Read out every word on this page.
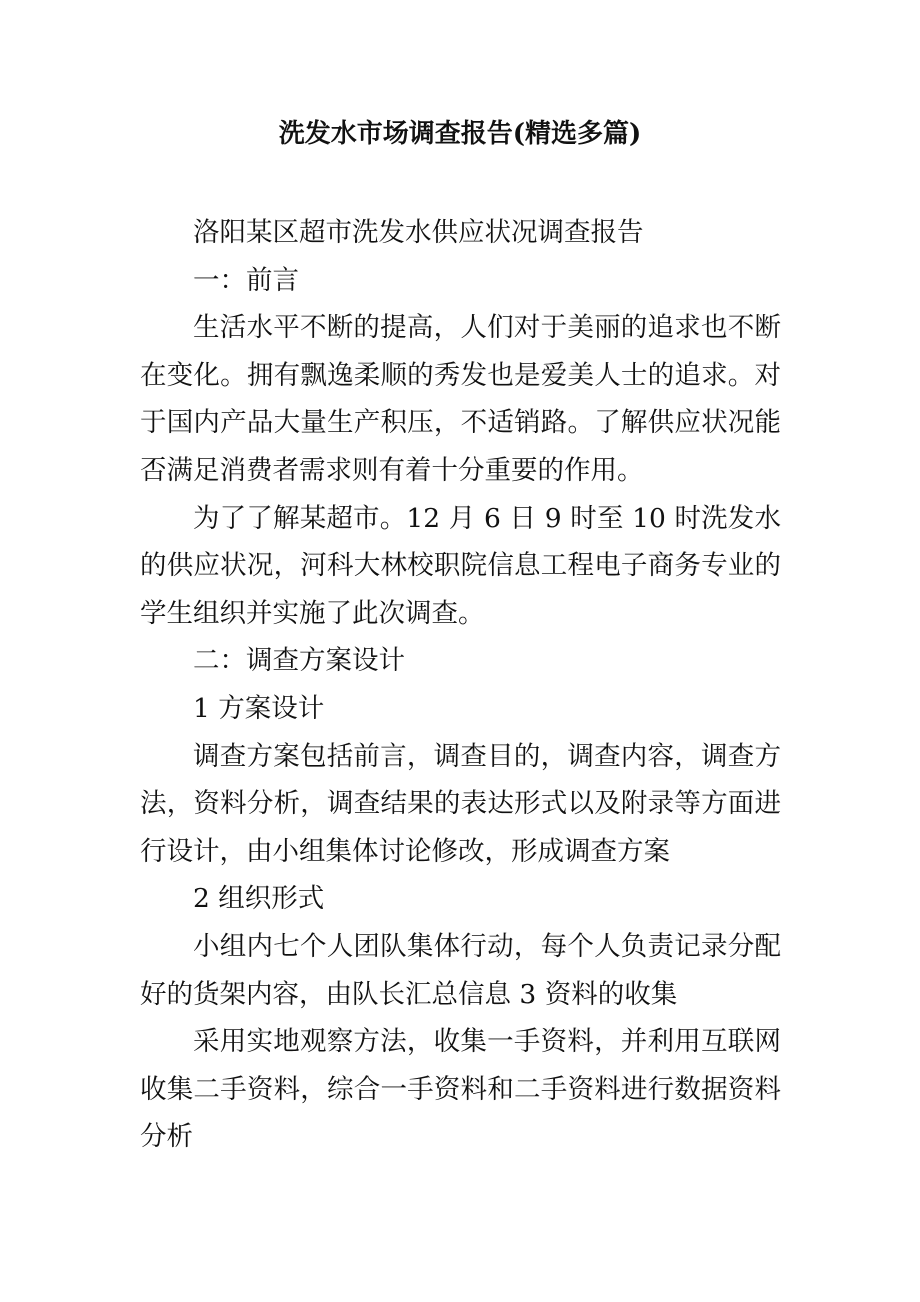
洗发水市场调查报告(精选多篇)

洛阳某区超市洗发水供应状况调查报告

一：前言

生活水平不断的提高，人们对于美丽的追求也不断在变化。拥有飘逸柔顺的秀发也是爱美人士的追求。对于国内产品大量生产积压，不适销路。了解供应状况能否满足消费者需求则有着十分重要的作用。

为了了解某超市。12 月 6 日 9 时至 10 时洗发水的供应状况，河科大林校职院信息工程电子商务专业的学生组织并实施了此次调查。

二：调查方案设计

1 方案设计

调查方案包括前言，调查目的，调查内容，调查方法，资料分析，调查结果的表达形式以及附录等方面进行设计，由小组集体讨论修改，形成调查方案

2 组织形式

小组内七个人团队集体行动，每个人负责记录分配好的货架内容，由队长汇总信息 3 资料的收集

采用实地观察方法，收集一手资料，并利用互联网收集二手资料，综合一手资料和二手资料进行数据资料分析
